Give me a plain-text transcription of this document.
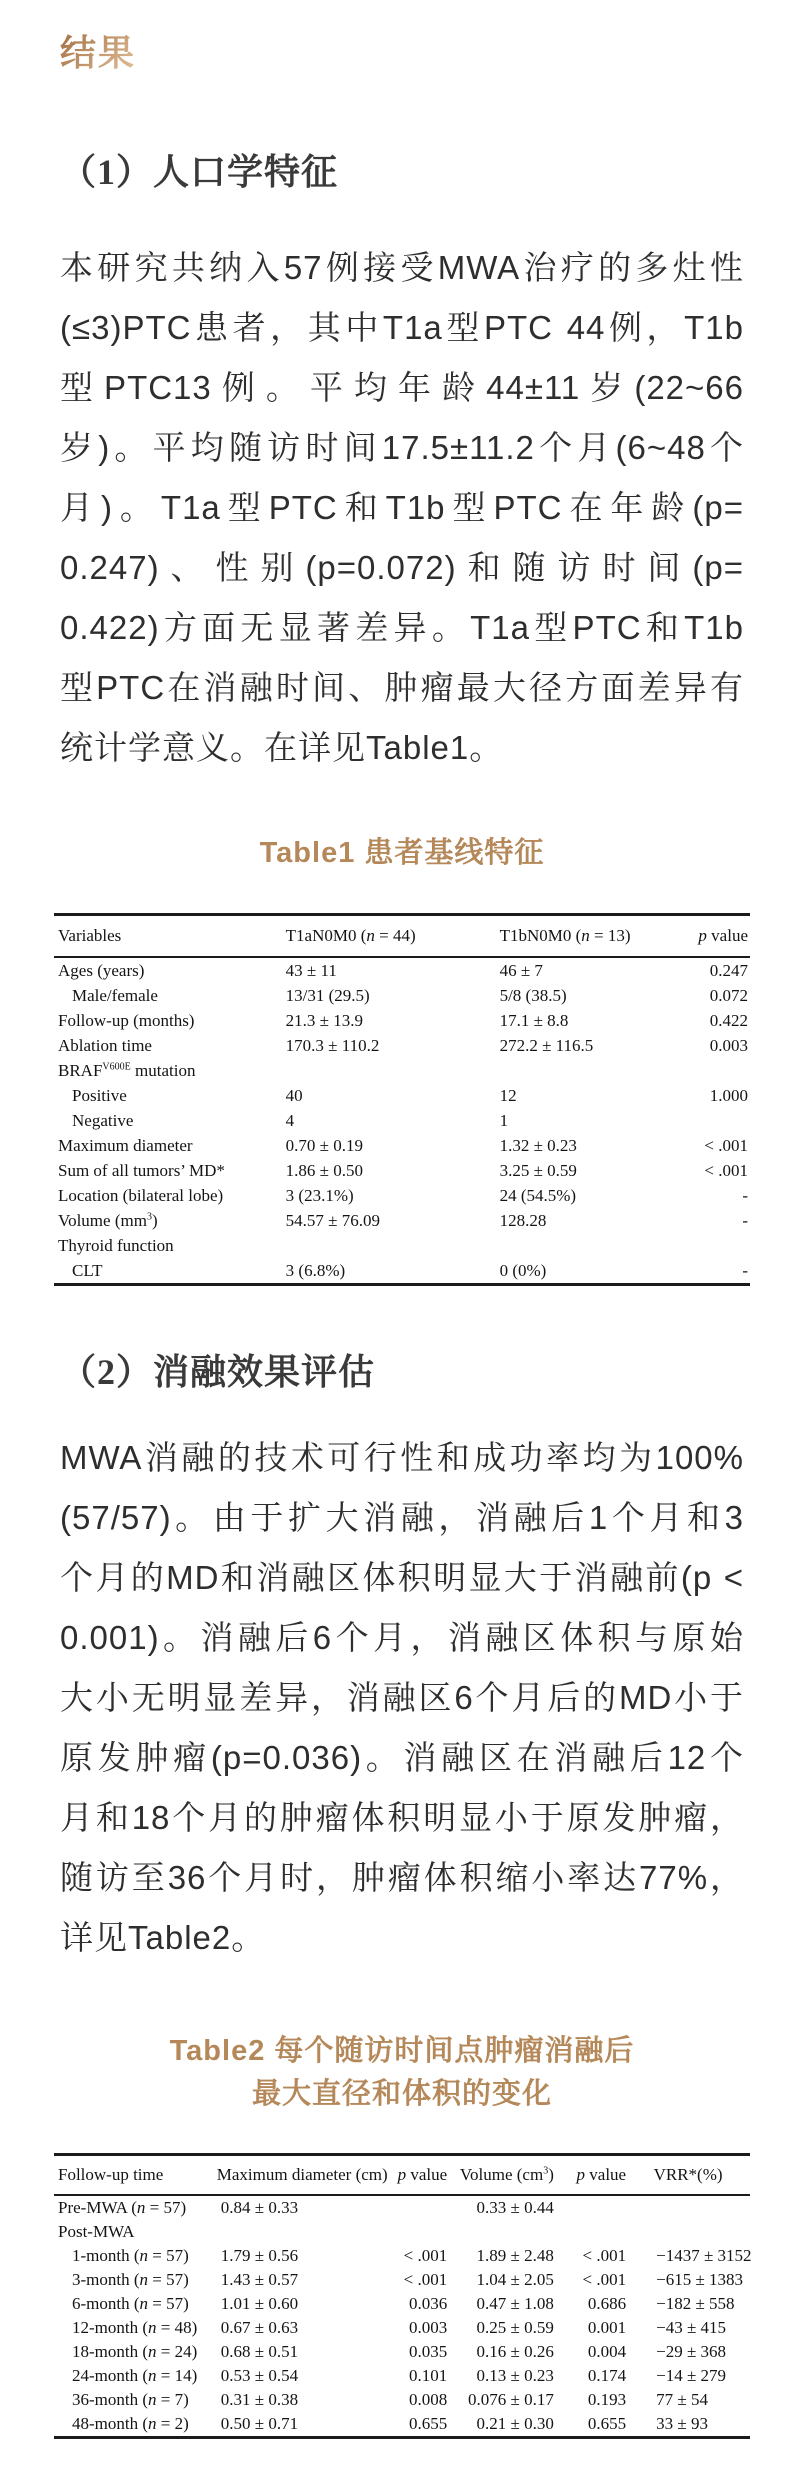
结果
（1）人口学特征
本研究共纳入57例接受MWA治疗的多灶性
(≤3)PTC患者，其中T1a型PTC 44例，T1b
型PTC13例。平均年龄44±11岁(22~66
岁)。平均随访时间17.5±11.2个月(6~48个
月)。T1a型PTC和T1b型PTC在年龄(p=
0.247)、性别(p=0.072)和随访时间(p=
0.422)方面无显著差异。T1a型PTC和T1b
型PTC在消融时间、肿瘤最大径方面差异有
统计学意义。在详见Table1。
Table1 患者基线特征
Variables	T1aN0M0 (n = 44)	T1bN0M0 (n = 13)	p value
Ages (years)	43 ± 11	46 ± 7	0.247
Male/female	13/31 (29.5)	5/8 (38.5)	0.072
Follow-up (months)	21.3 ± 13.9	17.1 ± 8.8	0.422
Ablation time	170.3 ± 110.2	272.2 ± 116.5	0.003
$BRAF^{V600E}$ mutation			
Positive	40	12	1.000
Negative	4	1	
Maximum diameter	0.70 ± 0.19	1.32 ± 0.23	< .001
Sum of all tumors’ MD*	1.86 ± 0.50	3.25 ± 0.59	< .001
Location (bilateral lobe)	3 (23.1%)	24 (54.5%)	-
Volume $(mm^3)$	54.57 ± 76.09	128.28	-
Thyroid function			
CLT	3 (6.8%)	0 (0%)	-
（2）消融效果评估
MWA消融的技术可行性和成功率均为100%
(57/57)。由于扩大消融，消融后1个月和3
个月的MD和消融区体积明显大于消融前(p <
0.001)。消融后6个月，消融区体积与原始
大小无明显差异，消融区6个月后的MD小于
原发肿瘤(p=0.036)。消融区在消融后12个
月和18个月的肿瘤体积明显小于原发肿瘤，
随访至36个月时，肿瘤体积缩小率达77%，
详见Table2。
Table2 每个随访时间点肿瘤消融后
最大直径和体积的变化
Follow-up time	Maximum diameter (cm)	p value	Volume $(cm^3)$	p value	VRR*(%)
Pre-MWA (n = 57)	0.84 ± 0.33		0.33 ± 0.44		
Post-MWA					
1-month (n = 57)	1.79 ± 0.56	< .001	1.89 ± 2.48	< .001	−1437 ± 3152
3-month (n = 57)	1.43 ± 0.57	< .001	1.04 ± 2.05	< .001	−615 ± 1383
6-month (n = 57)	1.01 ± 0.60	0.036	0.47 ± 1.08	0.686	−182 ± 558
12-month (n = 48)	0.67 ± 0.63	0.003	0.25 ± 0.59	0.001	−43 ± 415
18-month (n = 24)	0.68 ± 0.51	0.035	0.16 ± 0.26	0.004	−29 ± 368
24-month (n = 14)	0.53 ± 0.54	0.101	0.13 ± 0.23	0.174	−14 ± 279
36-month (n = 7)	0.31 ± 0.38	0.008	0.076 ± 0.17	0.193	77 ± 54
48-month (n = 2)	0.50 ± 0.71	0.655	0.21 ± 0.30	0.655	33 ± 93
